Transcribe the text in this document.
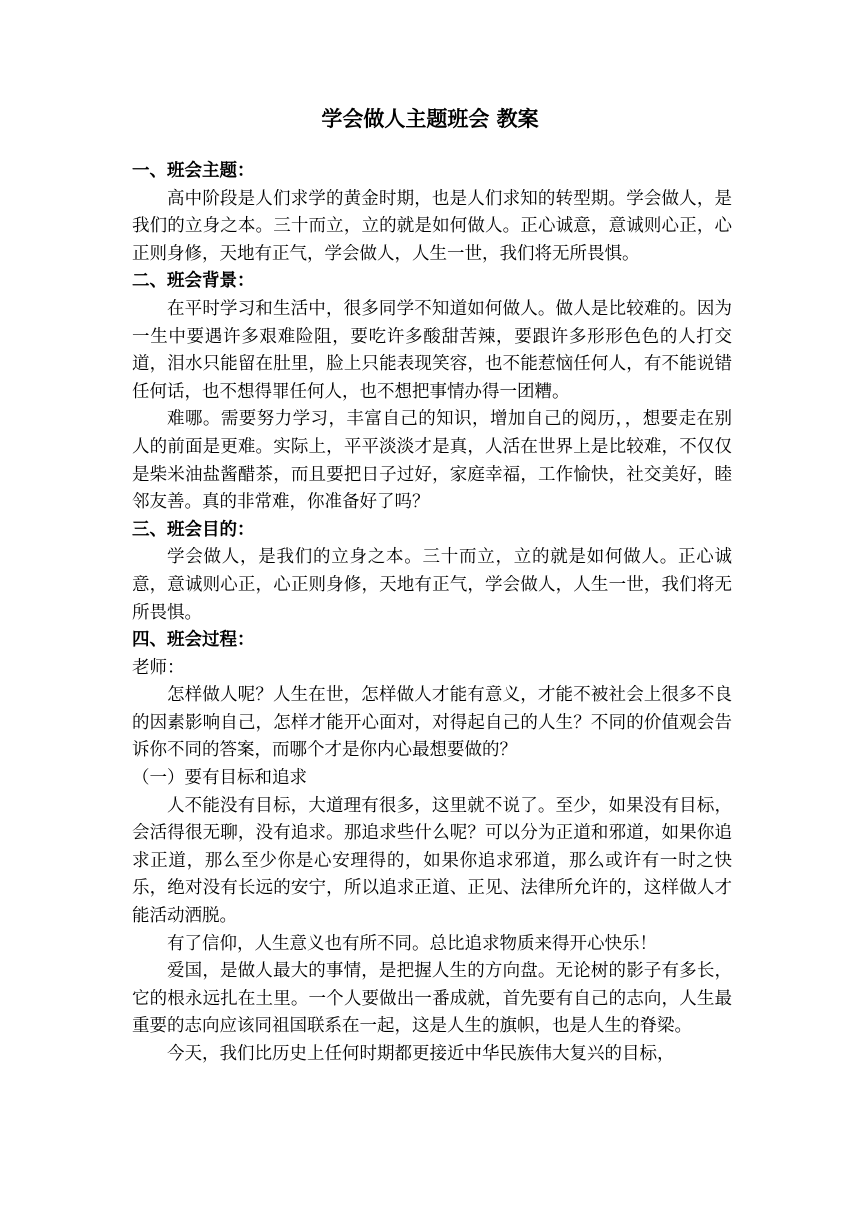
学会做人主题班会 教案

一、班会主题：

高中阶段是人们求学的黄金时期，也是人们求知的转型期。学会做人，是我们的立身之本。三十而立，立的就是如何做人。正心诚意，意诚则心正，心正则身修，天地有正气，学会做人，人生一世，我们将无所畏惧。

二、班会背景：

在平时学习和生活中，很多同学不知道如何做人。做人是比较难的。因为一生中要遇许多艰难险阻，要吃许多酸甜苦辣，要跟许多形形色色的人打交道，泪水只能留在肚里，脸上只能表现笑容，也不能惹恼任何人，有不能说错任何话，也不想得罪任何人，也不想把事情办得一团糟。

难哪。需要努力学习，丰富自己的知识，增加自己的阅历，，想要走在别人的前面是更难。实际上，平平淡淡才是真，人活在世界上是比较难，不仅仅是柴米油盐酱醋茶，而且要把日子过好，家庭幸福，工作愉快，社交美好，睦邻友善。真的非常难，你准备好了吗？

三、班会目的：

学会做人，是我们的立身之本。三十而立，立的就是如何做人。正心诚意，意诚则心正，心正则身修，天地有正气，学会做人，人生一世，我们将无所畏惧。

四、班会过程：

老师：

怎样做人呢？人生在世，怎样做人才能有意义，才能不被社会上很多不良的因素影响自己，怎样才能开心面对，对得起自己的人生？不同的价值观会告诉你不同的答案，而哪个才是你内心最想要做的？

（一）要有目标和追求

人不能没有目标，大道理有很多，这里就不说了。至少，如果没有目标，会活得很无聊，没有追求。那追求些什么呢？可以分为正道和邪道，如果你追求正道，那么至少你是心安理得的，如果你追求邪道，那么或许有一时之快乐，绝对没有长远的安宁，所以追求正道、正见、法律所允许的，这样做人才能活动洒脱。

有了信仰，人生意义也有所不同。总比追求物质来得开心快乐！

爱国，是做人最大的事情，是把握人生的方向盘。无论树的影子有多长，它的根永远扎在土里。一个人要做出一番成就，首先要有自己的志向，人生最重要的志向应该同祖国联系在一起，这是人生的旗帜，也是人生的脊梁。

今天，我们比历史上任何时期都更接近中华民族伟大复兴的目标，
